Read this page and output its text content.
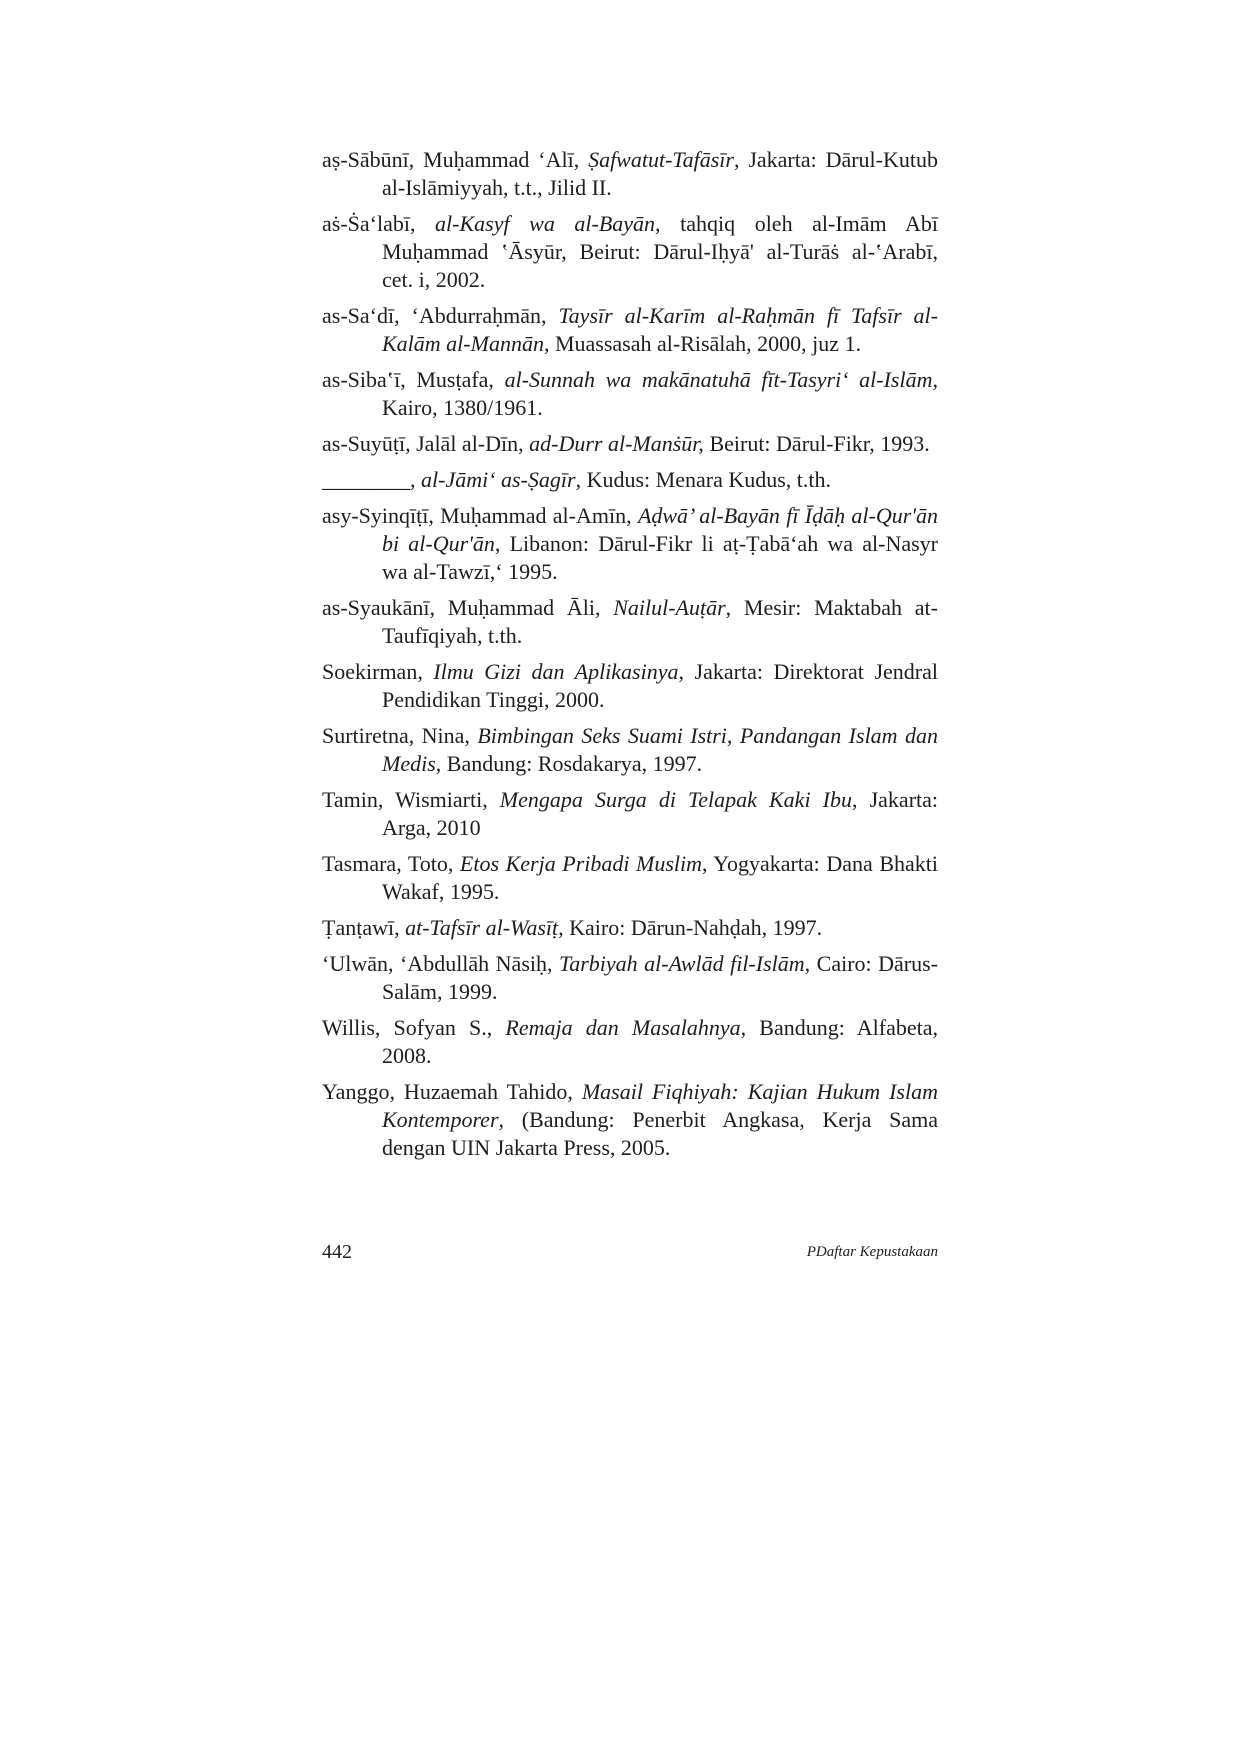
aṣ-Sābūnī, Muḥammad ‘Alī, Ṣafwatut-Tafāsīr, Jakarta: Dārul-Kutub al-Islāmiyyah, t.t., Jilid II.

aṡ-Ṡa‘labī, al-Kasyf wa al-Bayān, tahqiq oleh al-Imām Abī Muḥammad ‛Āsyūr, Beirut: Dārul-Iḥyā' al-Turāṡ al-‛Arabī, cet. i, 2002.

as-Sa‘dī, ‘Abdurraḥmān, Taysīr al-Karīm al-Raḥmān fī Tafsīr al-Kalām al-Mannān, Muassasah al-Risālah, 2000, juz 1.

as-Siba‛ī, Musṭafa, al-Sunnah wa makānatuhā fīt-Tasyri‘ al-Islām, Kairo, 1380/1961.

as-Suyūṭī, Jalāl al-Dīn, ad-Durr al-Manṡūr, Beirut: Dārul-Fikr, 1993.

________, al-Jāmi‘ as-Ṣagīr, Kudus: Menara Kudus, t.th.

asy-Syinqīṭī, Muḥammad al-Amīn, Aḍwā’ al-Bayān fī Īḍāḥ al-Qur'ān bi al-Qur'ān, Libanon: Dārul-Fikr li aṭ-Ṭabā‘ah wa al-Nasyr wa al-Tawzī,‘ 1995.

as-Syaukānī, Muḥammad Āli, Nailul-Auṭār, Mesir: Maktabah at-Taufīqiyah, t.th.

Soekirman, Ilmu Gizi dan Aplikasinya, Jakarta: Direktorat Jendral Pendidikan Tinggi, 2000.

Surtiretna, Nina, Bimbingan Seks Suami Istri, Pandangan Islam dan Medis, Bandung: Rosdakarya, 1997.

Tamin, Wismiarti, Mengapa Surga di Telapak Kaki Ibu, Jakarta: Arga, 2010

Tasmara, Toto, Etos Kerja Pribadi Muslim, Yogyakarta: Dana Bhakti Wakaf, 1995.

Ṭanṭawī, at-Tafsīr al-Wasīṭ, Kairo: Dārun-Nahḍah, 1997.

‘Ulwān, ‘Abdullāh Nāsiḥ, Tarbiyah al-Awlād fil-Islām, Cairo: Dārus-Salām, 1999.

Willis, Sofyan S., Remaja dan Masalahnya, Bandung: Alfabeta, 2008.

Yanggo, Huzaemah Tahido, Masail Fiqhiyah: Kajian Hukum Islam Kontemporer, (Bandung: Penerbit Angkasa, Kerja Sama dengan UIN Jakarta Press, 2005.

442	PDaftar Kepustakaan
